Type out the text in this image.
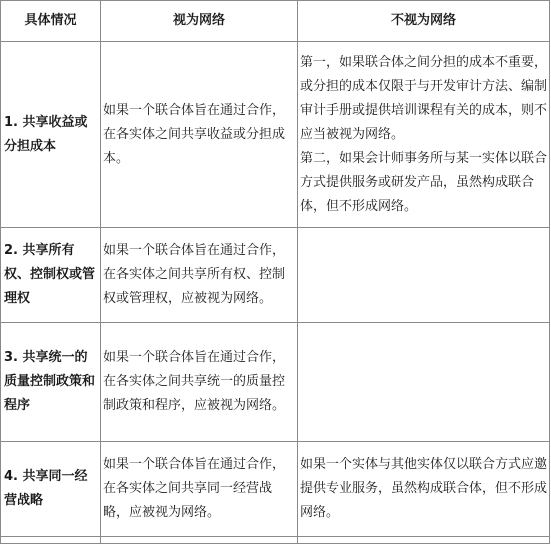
具体情况	视为网络	不视为网络
1. 共享收益或分担成本	如果一个联合体旨在通过合作，在各实体之间共享收益或分担成本。	第一，如果联合体之间分担的成本不重要，或分担的成本仅限于与开发审计方法、编制审计手册或提供培训课程有关的成本，则不应当被视为网络。
第二，如果会计师事务所与某一实体以联合方式提供服务或研发产品，虽然构成联合体，但不形成网络。

2. 共享所有权、控制权或管理权	如果一个联合体旨在通过合作，在各实体之间共享所有权、控制权或管理权，应被视为网络。	
3. 共享统一的质量控制政策和程序	如果一个联合体旨在通过合作，在各实体之间共享统一的质量控制政策和程序，应被视为网络。	
4. 共享同一经营战略	如果一个联合体旨在通过合作，在各实体之间共享同一经营战略，应被视为网络。	如果一个实体与其他实体仅以联合方式应邀提供专业服务，虽然构成联合体，但不形成网络。
